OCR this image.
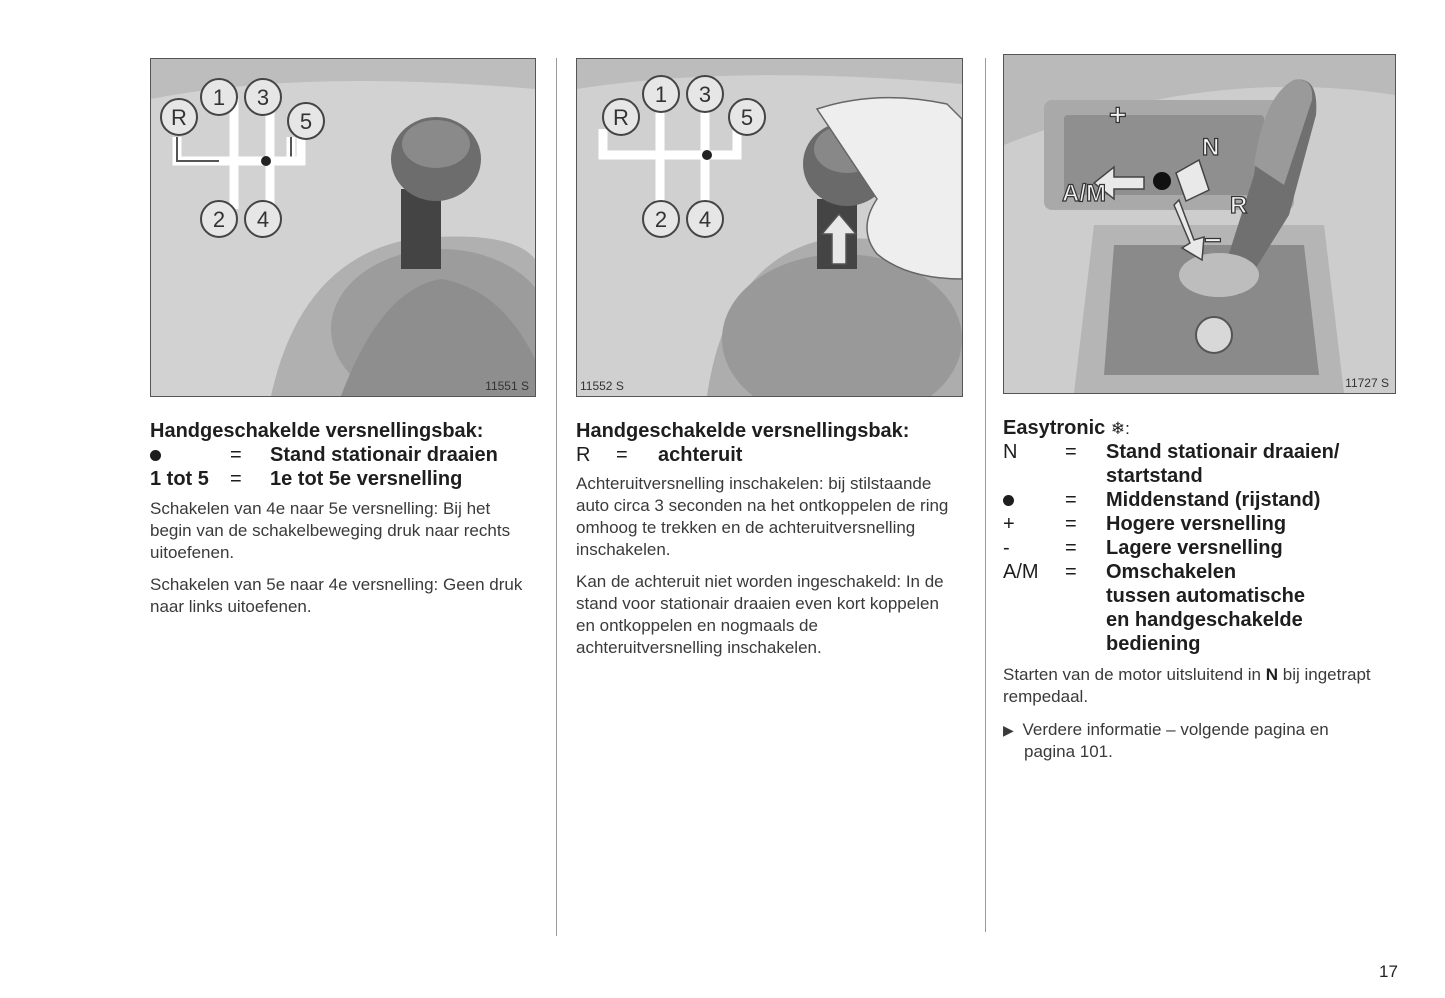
R
1 3
5
2 4
11551 S
Handgeschakelde versnellingsbak:
= Stand stationair draaien
1 tot 5 = 1e tot 5e versnelling

Schakelen van 4e naar 5e versnelling: Bij het begin van de schakelbeweging druk naar rechts uitoefenen.

Schakelen van 5e naar 4e versnelling: Geen druk naar links uitoefenen.

R
1 3
5
2 4
11552 S
Handgeschakelde versnellingsbak:
R = achteruit

Achteruitversnelling inschakelen: bij stilstaande auto circa 3 seconden na het ontkoppelen de ring omhoog te trekken en de achteruitversnelling inschakelen.

Kan de achteruit niet worden ingeschakeld: In de stand voor stationair draaien even kort koppelen en ontkoppelen en nogmaals de achteruitversnelling inschakelen.

A/M
N
R
+
−
11727 S
Easytronic ❄:
N = Stand stationair draaien/ startstand
= Middenstand (rijstand)
+	= Hogere versnelling
-	= Lagere versnelling
A/M = Omschakelen tussen automatische en handgeschakelde bediening

Starten van de motor uitsluitend in N bij ingetrapt rempedaal.

▶ Verdere informatie – volgende pagina en pagina 101.

17
